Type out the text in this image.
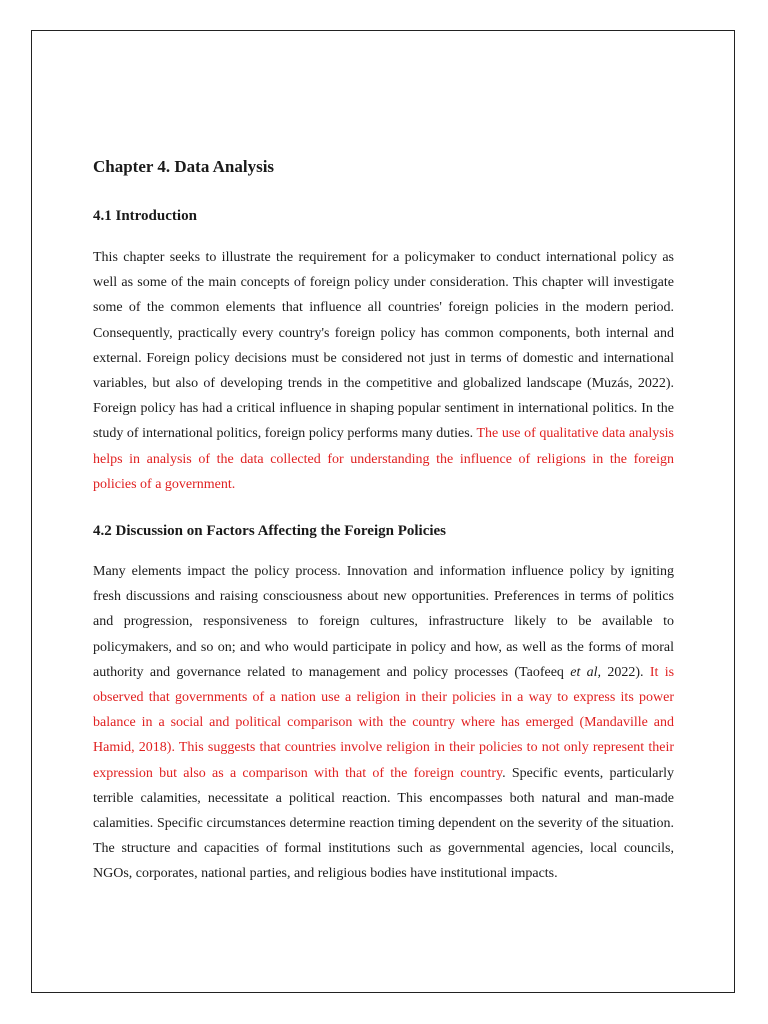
Chapter 4. Data Analysis
4.1 Introduction

This chapter seeks to illustrate the requirement for a policymaker to conduct international policy as well as some of the main concepts of foreign policy under consideration. This chapter will investigate some of the common elements that influence all countries' foreign policies in the modern period. Consequently, practically every country's foreign policy has common components, both internal and external. Foreign policy decisions must be considered not just in terms of domestic and international variables, but also of developing trends in the competitive and globalized landscape (Muzás, 2022). Foreign policy has had a critical influence in shaping popular sentiment in international politics. In the study of international politics, foreign policy performs many duties. The use of qualitative data analysis helps in analysis of the data collected for understanding the influence of religions in the foreign policies of a government.

4.2 Discussion on Factors Affecting the Foreign Policies

Many elements impact the policy process. Innovation and information influence policy by igniting fresh discussions and raising consciousness about new opportunities. Preferences in terms of politics and progression, responsiveness to foreign cultures, infrastructure likely to be available to policymakers, and so on; and who would participate in policy and how, as well as the forms of moral authority and governance related to management and policy processes (Taofeeq et al, 2022). It is observed that governments of a nation use a religion in their policies in a way to express its power balance in a social and political comparison with the country where has emerged (Mandaville and Hamid, 2018). This suggests that countries involve religion in their policies to not only represent their expression but also as a comparison with that of the foreign country. Specific events, particularly terrible calamities, necessitate a political reaction. This encompasses both natural and man-made calamities. Specific circumstances determine reaction timing dependent on the severity of the situation. The structure and capacities of formal institutions such as governmental agencies, local councils, NGOs, corporates, national parties, and religious bodies have institutional impacts.
